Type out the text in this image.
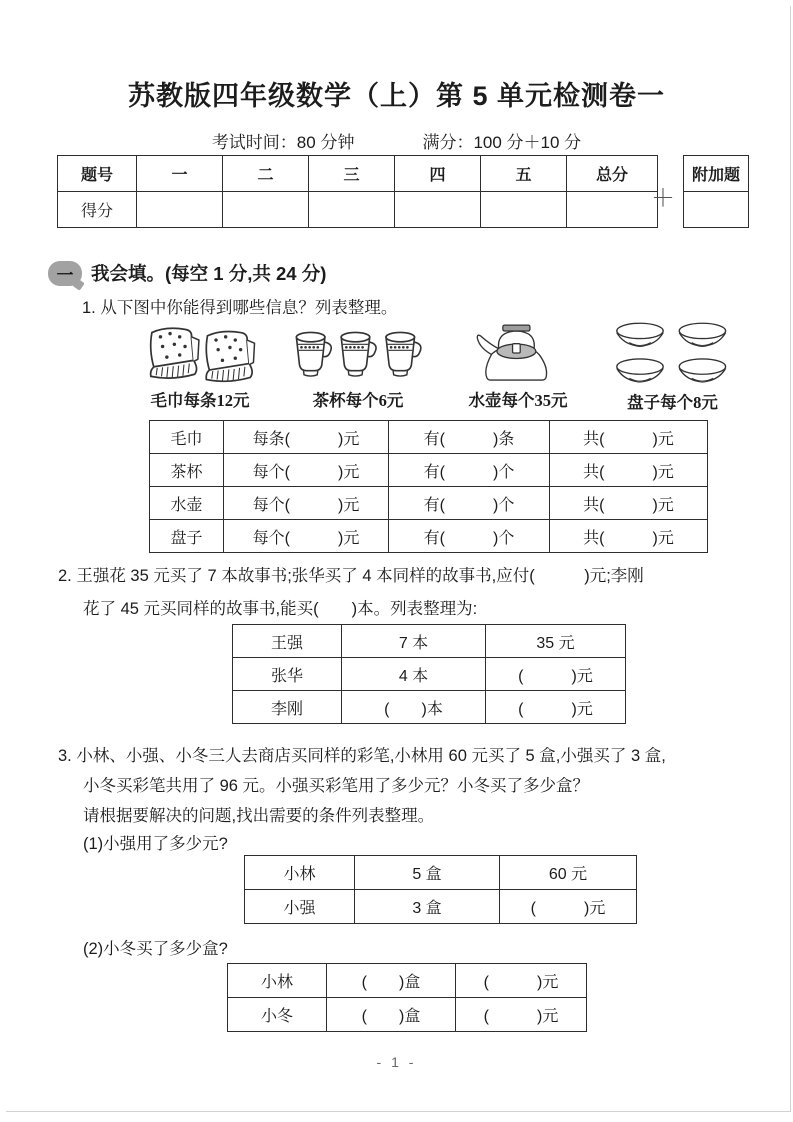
苏教版四年级数学（上）第 5 单元检测卷一
考试时间：80 分钟	满分：100 分＋10 分
题号	一	二	三	四	五	总分
得分							＋
附加题

一 我会填。(每空 1 分,共 24 分)
1. 从下图中你能得到哪些信息？列表整理。
毛巾每条12元	茶杯每个6元	水壶每个35元	盘子每个8元
毛巾	每条(　　　)元	有(　　　)条	共(　　　)元
茶杯	每个(　　　)元	有(　　　)个	共(　　　)元
水壶	每个(　　　)元	有(　　　)个	共(　　　)元
盘子	每个(　　　)元	有(　　　)个	共(　　　)元
2. 王强花 35 元买了 7 本故事书;张华买了 4 本同样的故事书,应付(　　　)元;李刚
花了 45 元买同样的故事书,能买(　　)本。列表整理为:
王强	7 本	35 元
张华	4 本	(　　　)元
李刚	(　　)本	(　　　)元
3. 小林、小强、小冬三人去商店买同样的彩笔,小林用 60 元买了 5 盒,小强买了 3 盒,
小冬买彩笔共用了 96 元。小强买彩笔用了多少元？小冬买了多少盒？
请根据要解决的问题,找出需要的条件列表整理。
(1)小强用了多少元?
小林	5 盒	60 元
小强	3 盒	(　　　)元
(2)小冬买了多少盒?
小林	(　　)盒	(　　　)元
小冬	(　　)盒	(　　　)元
- 1 -
